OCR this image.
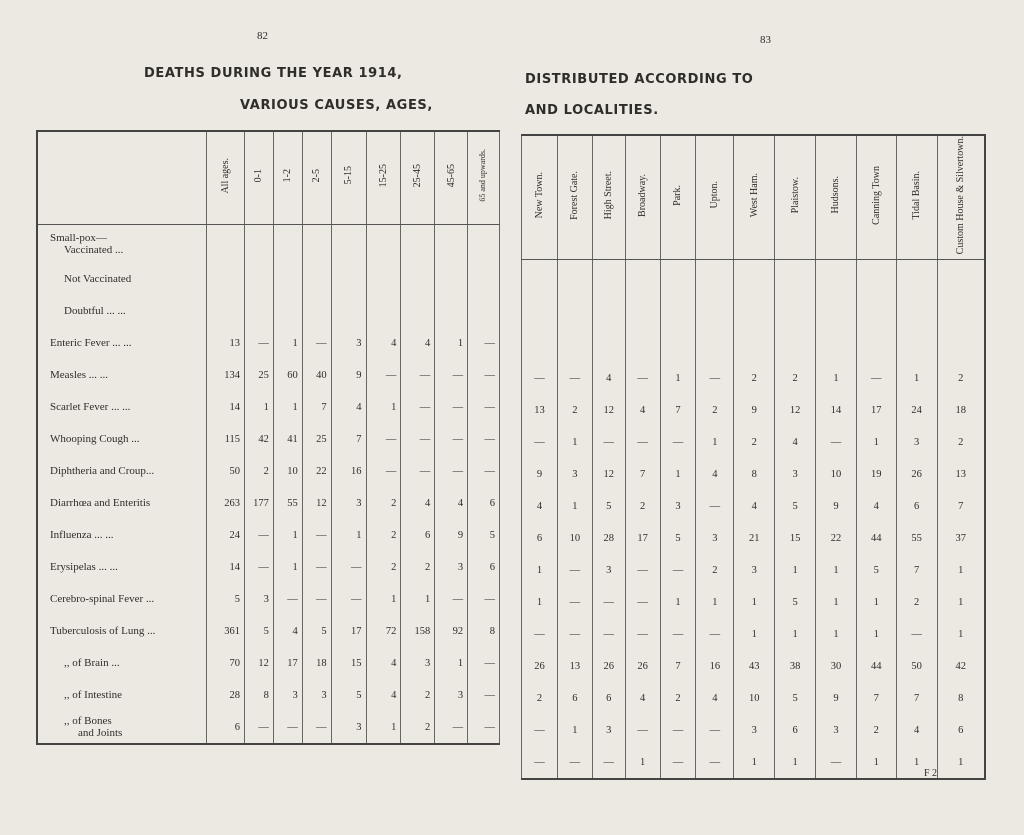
82	83
DEATHS DURING THE YEAR 1914,
VARIOUS CAUSES, AGES,
DISTRIBUTED ACCORDING TO
AND LOCALITIES.
	All ages.	0-1	1-2	2-5	5-15	15-25	25-45	45-65	65 and upwards.
Small-pox—
Vaccinated ...									
Not Vaccinated									
Doubtful ... ...									
Enteric Fever ... ...	13	—	1	—	3	4	4	1	—
Measles ... ...	134	25	60	40	9	—	—	—	—
Scarlet Fever ... ...	14	1	1	7	4	1	—	—	—
Whooping Cough ...	115	42	41	25	7	—	—	—	—
Diphtheria and Croup...	50	2	10	22	16	—	—	—	—
Diarrhœa and Enteritis	263	177	55	12	3	2	4	4	6
Influenza ... ...	24	—	1	—	1	2	6	9	5
Erysipelas ... ...	14	—	1	—	—	2	2	3	6
Cerebro-spinal Fever ...	5	3	—	—	—	1	1	—	—
Tuberculosis of Lung ...	361	5	4	5	17	72	158	92	8
,, of Brain ...	70	12	17	18	15	4	3	1	—
,, of Intestine	28	8	3	3	5	4	2	3	—
,, of Bones
and Joints	6	—	—	—	3	1	2	—	—
New Town.	Forest Gate.	High Street.	Broadway.	Park.	Upton.	West Ham.	Plaistow.	Hudsons.	Canning Town	Tidal Basin.	Custom House & Silvertown.

—	—	4	—	1	—	2	2	1	—	1	2
13	2	12	4	7	2	9	12	14	17	24	18
—	1	—	—	—	1	2	4	—	1	3	2
9	3	12	7	1	4	8	3	10	19	26	13
4	1	5	2	3	—	4	5	9	4	6	7
6	10	28	17	5	3	21	15	22	44	55	37
1	—	3	—	—	2	3	1	1	5	7	1
1	—	—	—	1	1	1	5	1	1	2	1
—	—	—	—	—	—	1	1	1	1	—	1
26	13	26	26	7	16	43	38	30	44	50	42
2	6	6	4	2	4	10	5	9	7	7	8
—	1	3	—	—	—	3	6	3	2	4	6
—	—	—	1	—	—	1	1	—	1	1	1
F 2
